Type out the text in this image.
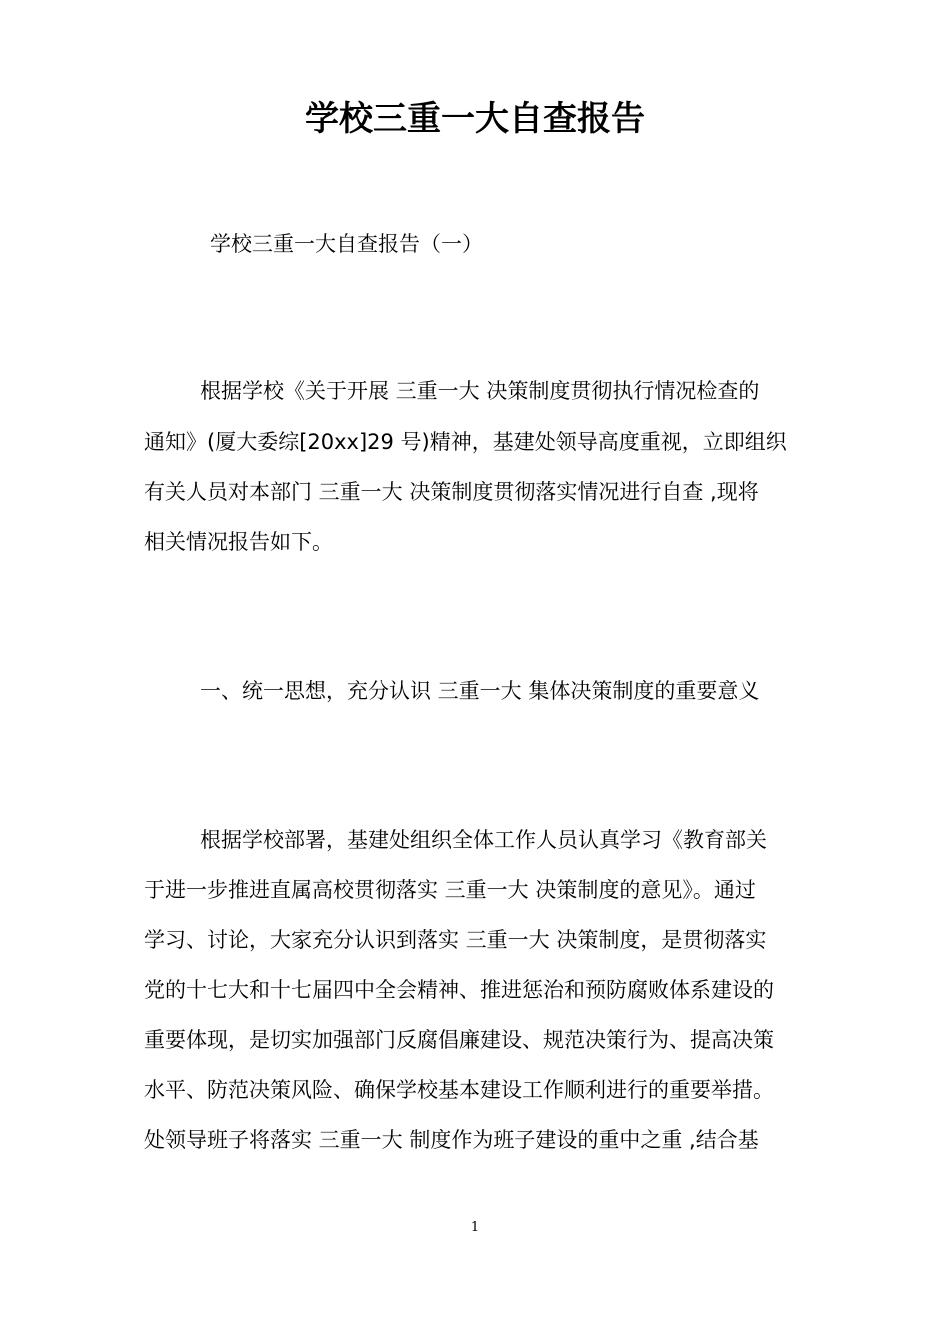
学校三重一大自查报告

学校三重一大自查报告（一）

根据学校《关于开展 三重一大 决策制度贯彻执行情况检查的

通知》(厦大委综[20xx]29 号)精神，基建处领导高度重视，立即组织

有关人员对本部门 三重一大 决策制度贯彻落实情况进行自查 ,现将

相关情况报告如下。

一、统一思想，充分认识 三重一大 集体决策制度的重要意义

根据学校部署，基建处组织全体工作人员认真学习《教育部关

于进一步推进直属高校贯彻落实 三重一大 决策制度的意见》。通过

学习、讨论，大家充分认识到落实 三重一大 决策制度，是贯彻落实

党的十七大和十七届四中全会精神、推进惩治和预防腐败体系建设的

重要体现，是切实加强部门反腐倡廉建设、规范决策行为、提高决策

水平、防范决策风险、确保学校基本建设工作顺利进行的重要举措。

处领导班子将落实 三重一大 制度作为班子建设的重中之重 ,结合基

1
